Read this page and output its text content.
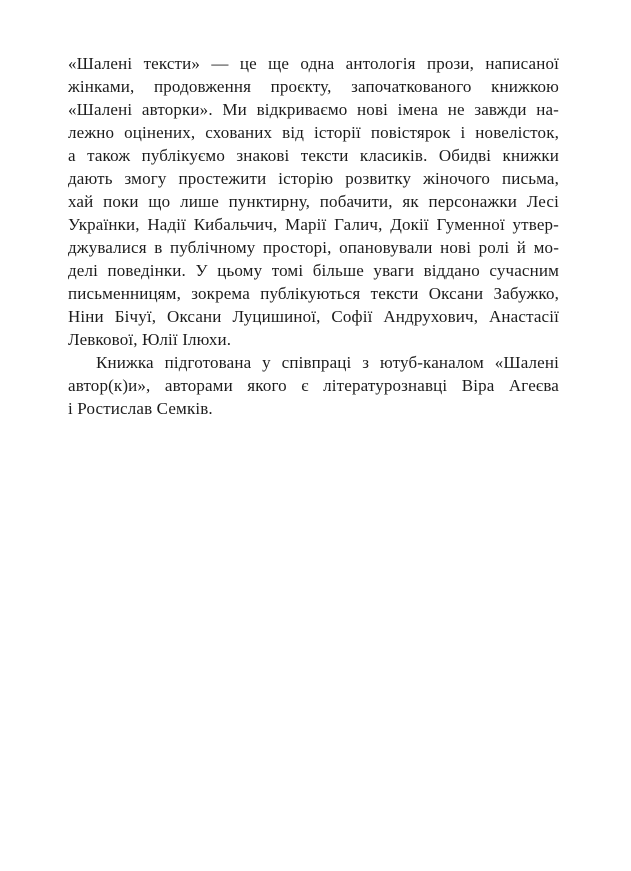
«Шалені тексти» — це ще одна антологія прози, написаної
жінками, продовження проєкту, започаткованого книжкою
«Шалені авторки». Ми відкриваємо нові імена не завжди на-
лежно оцінених, схованих від історії повістярок і новелісток,
а також публікуємо знакові тексти класиків. Обидві книжки
дають змогу простежити історію розвитку жіночого письма,
хай поки що лише пунктирну, побачити, як персонажки Лесі
Українки, Надії Кибальчич, Марії Галич, Докії Гуменної утвер-
джувалися в публічному просторі, опановували нові ролі й мо-
делі поведінки. У цьому томі більше уваги віддано сучасним
письменницям, зокрема публікуються тексти Оксани Забужко,
Ніни Бічуї, Оксани Луцишиної, Софії Андрухович, Анастасії
Левкової, Юлії Ілюхи.
Книжка підготована у співпраці з ютуб-каналом «Шалені
автор(к)и», авторами якого є літературознавці Віра Агеєва
і Ростислав Семків.
